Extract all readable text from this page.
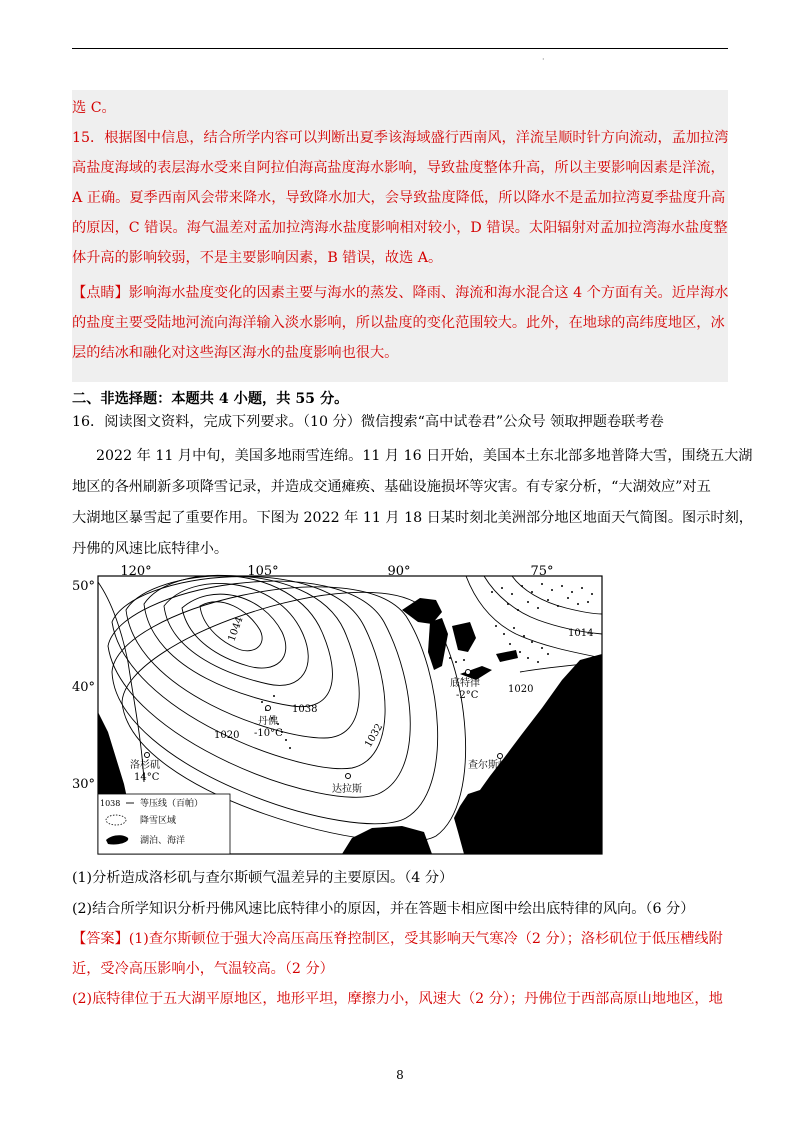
·
选 C。
15．根据图中信息，结合所学内容可以判断出夏季该海域盛行西南风，洋流呈顺时针方向流动，孟加拉湾
高盐度海域的表层海水受来自阿拉伯海高盐度海水影响，导致盐度整体升高，所以主要影响因素是洋流，
A 正确。夏季西南风会带来降水，导致降水加大，会导致盐度降低，所以降水不是孟加拉湾夏季盐度升高
的原因，C 错误。海气温差对孟加拉湾海水盐度影响相对较小，D 错误。太阳辐射对孟加拉湾海水盐度整
体升高的影响较弱，不是主要影响因素，B 错误，故选 A。
【点睛】影响海水盐度变化的因素主要与海水的蒸发、降雨、海流和海水混合这 4 个方面有关。近岸海水
的盐度主要受陆地河流向海洋输入淡水影响，所以盐度的变化范围较大。此外，在地球的高纬度地区，冰
层的结冰和融化对这些海区海水的盐度影响也很大。
二、非选择题：本题共 4 小题，共 55 分。
16．阅读图文资料，完成下列要求。（10 分）微信搜索“高中试卷君”公众号 领取押题卷联考卷
2022 年 11 月中旬，美国多地雨雪连绵。11 月 16 日开始，美国本土东北部多地普降大雪，围绕五大湖
地区的各州刷新多项降雪记录，并造成交通瘫痪、基础设施损坏等灾害。有专家分析，“大湖效应”对五
大湖地区暴雪起了重要作用。下图为 2022 年 11 月 18 日某时刻北美洲部分地区地面天气简图。图示时刻，
丹佛的风速比底特律小。
120°	105°	90°	75°
50°
40°
30°
1044
1038
1032
1020
1020
1014
洛杉矶
14°C
丹佛
-10°C
底特律
-2°C
达拉斯
查尔斯顿
1038 等压线（百帕）
降雪区域
湖泊、海洋
(1)分析造成洛杉矶与查尔斯顿气温差异的主要原因。（4 分）
(2)结合所学知识分析丹佛风速比底特律小的原因，并在答题卡相应图中绘出底特律的风向。（6 分）
【答案】(1)查尔斯顿位于强大冷高压高压脊控制区，受其影响天气寒冷（2 分）；洛杉矶位于低压槽线附
近，受冷高压影响小，气温较高。（2 分）
(2)底特律位于五大湖平原地区，地形平坦，摩擦力小，风速大（2 分）；丹佛位于西部高原山地地区，地
8
